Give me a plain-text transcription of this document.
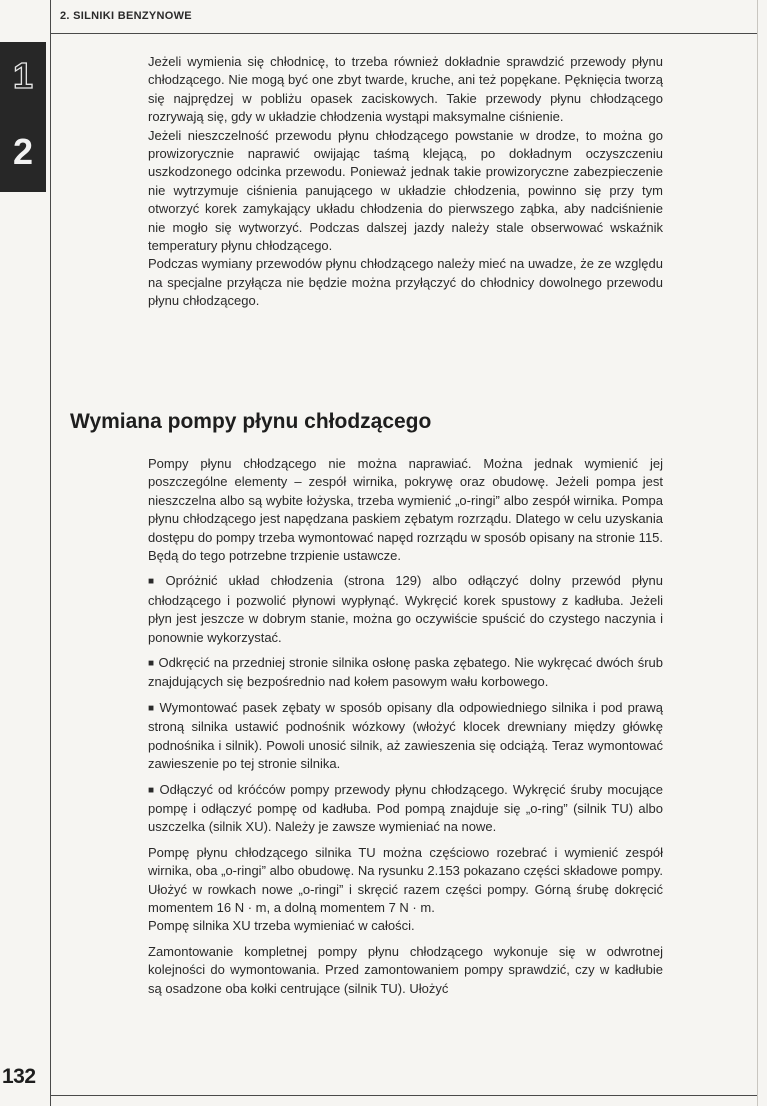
2. SILNIKI BENZYNOWE
1
2

Jeżeli wymienia się chłodnicę, to trzeba również dokładnie sprawdzić przewody płynu chłodzącego. Nie mogą być one zbyt twarde, kruche, ani też popękane. Pęknięcia tworzą się najprędzej w pobliżu opasek zaciskowych. Takie przewody płynu chłodzącego rozrywają się, gdy w układzie chłodzenia wystąpi maksymalne ciśnienie.

Jeżeli nieszczelność przewodu płynu chłodzącego powstanie w drodze, to można go prowizorycznie naprawić owijając taśmą klejącą, po dokładnym oczyszczeniu uszkodzonego odcinka przewodu. Ponieważ jednak takie prowizoryczne zabezpieczenie nie wytrzymuje ciśnienia panującego w układzie chłodzenia, powinno się przy tym otworzyć korek zamykający układu chłodzenia do pierwszego ząbka, aby nadciśnienie nie mogło się wytworzyć. Podczas dalszej jazdy należy stale obserwować wskaźnik temperatury płynu chłodzącego.

Podczas wymiany przewodów płynu chłodzącego należy mieć na uwadze, że ze względu na specjalne przyłącza nie będzie można przyłączyć do chłodnicy dowolnego przewodu płynu chłodzącego.

Wymiana pompy płynu chłodzącego

Pompy płynu chłodzącego nie można naprawiać. Można jednak wymienić jej poszczególne elementy – zespół wirnika, pokrywę oraz obudowę. Jeżeli pompa jest nieszczelna albo są wybite łożyska, trzeba wymienić „o-ringi” albo zespół wirnika. Pompa płynu chłodzącego jest napędzana paskiem zębatym rozrządu. Dlatego w celu uzyskania dostępu do pompy trzeba wymontować napęd rozrządu w sposób opisany na stronie 115. Będą do tego potrzebne trzpienie ustawcze.

■ Opróżnić układ chłodzenia (strona 129) albo odłączyć dolny przewód płynu chłodzącego i pozwolić płynowi wypłynąć. Wykręcić korek spustowy z kadłuba. Jeżeli płyn jest jeszcze w dobrym stanie, można go oczywiście spuścić do czystego naczynia i ponownie wykorzystać.

■ Odkręcić na przedniej stronie silnika osłonę paska zębatego. Nie wykręcać dwóch śrub znajdujących się bezpośrednio nad kołem pasowym wału korbowego.

■ Wymontować pasek zębaty w sposób opisany dla odpowiedniego silnika i pod prawą stroną silnika ustawić podnośnik wózkowy (włożyć klocek drewniany między główkę podnośnika i silnik). Powoli unosić silnik, aż zawieszenia się odciążą. Teraz wymontować zawieszenie po tej stronie silnika.

■ Odłączyć od króćców pompy przewody płynu chłodzącego. Wykręcić śruby mocujące pompę i odłączyć pompę od kadłuba. Pod pompą znajduje się „o-ring” (silnik TU) albo uszczelka (silnik XU). Należy je zawsze wymieniać na nowe.

Pompę płynu chłodzącego silnika TU można częściowo rozebrać i wymienić zespół wirnika, oba „o-ringi” albo obudowę. Na rysunku 2.153 pokazano części składowe pompy. Ułożyć w rowkach nowe „o-ringi” i skręcić razem części pompy. Górną śrubę dokręcić momentem 16 N · m, a dolną momentem 7 N · m.

Pompę silnika XU trzeba wymieniać w całości.

Zamontowanie kompletnej pompy płynu chłodzącego wykonuje się w odwrotnej kolejności do wymontowania. Przed zamontowaniem pompy sprawdzić, czy w kadłubie są osadzone oba kołki centrujące (silnik TU). Ułożyć

132
